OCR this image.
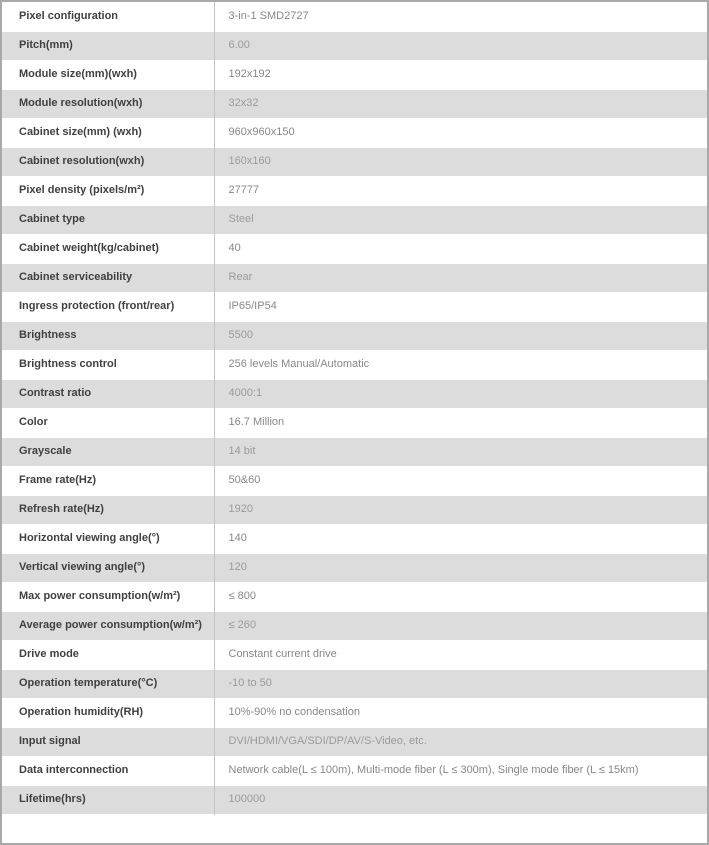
Pixel configuration	3-in-1 SMD2727
Pitch(mm)	6.00
Module size(mm)(wxh)	192x192
Module resolution(wxh)	32x32
Cabinet size(mm) (wxh)	960x960x150
Cabinet resolution(wxh)	160x160
Pixel density (pixels/m²)	27777
Cabinet type	Steel
Cabinet weight(kg/cabinet)	40
Cabinet serviceability	Rear
Ingress protection (front/rear)	IP65/IP54
Brightness	5500
Brightness control	256 levels Manual/Automatic
Contrast ratio	4000:1
Color	16.7 Million
Grayscale	14 bit
Frame rate(Hz)	50&60
Refresh rate(Hz)	1920
Horizontal viewing angle(°)	140
Vertical viewing angle(°)	120
Max power consumption(w/m²)	≤ 800
Average power consumption(w/m²)	≤ 260
Drive mode	Constant current drive
Operation temperature(°C)	-10 to 50
Operation humidity(RH)	10%-90% no condensation
Input signal	DVI/HDMI/VGA/SDI/DP/AV/S-Video, etc.
Data interconnection	Network cable(L ≤ 100m), Multi-mode fiber (L ≤ 300m), Single mode fiber (L ≤ 15km)
Lifetime(hrs)	100000
